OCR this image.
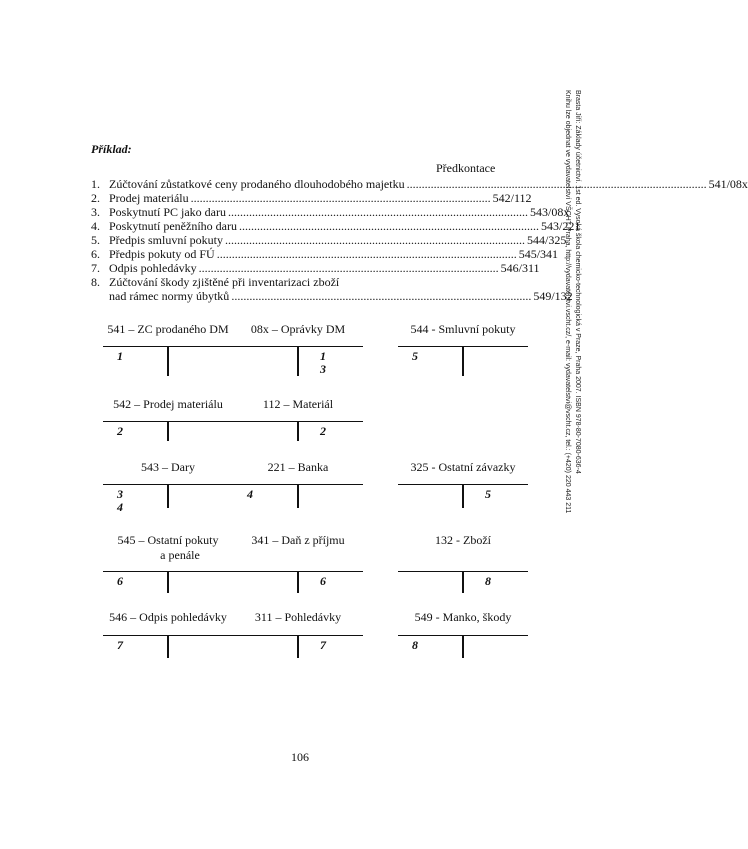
Brasta Jiří: Základy účetnictví. 1st ed. Vysoká škola chemicko-technologická v Praze, Praha 2007. ISBN 978-80-7080-636-4
Knihu lze objednat ve vydavatelství VŠCHT Praha, http://vydavatelstvi.vscht.cz/, e-mail: vydavatelstvi@vscht.cz, tel.: (+420) 220 443 211
Příklad:
Předkontace
1. Zúčtování zůstatkové ceny prodaného dlouhodobého majetku .................................................................................................... 541/08x
2. Prodej materiálu .................................................................................................... 542/112
3. Poskytnutí PC jako daru .................................................................................................... 543/08x
4. Poskytnutí peněžního daru .................................................................................................... 543/221
5. Předpis smluvní pokuty .................................................................................................... 544/325
6. Předpis pokuty od FÚ .................................................................................................... 545/341
7. Odpis pohledávky .................................................................................................... 546/311
8. Zúčtování škody zjištěné při inventarizaci zboží
nad rámec normy úbytků .................................................................................................... 549/132
541 – ZC prodaného DM
1
08x – Oprávky DM
1
3
544 - Smluvní pokuty
5
542 – Prodej materiálu
2
112 – Materiál
2
543 – Dary
3
4
221 – Banka
4
325 - Ostatní závazky
5
545 – Ostatní pokuty
a penále
6
341 – Daň z příjmu
6
132 - Zboží
8
546 – Odpis pohledávky
7
311 – Pohledávky
7
549 - Manko, škody
8
106
